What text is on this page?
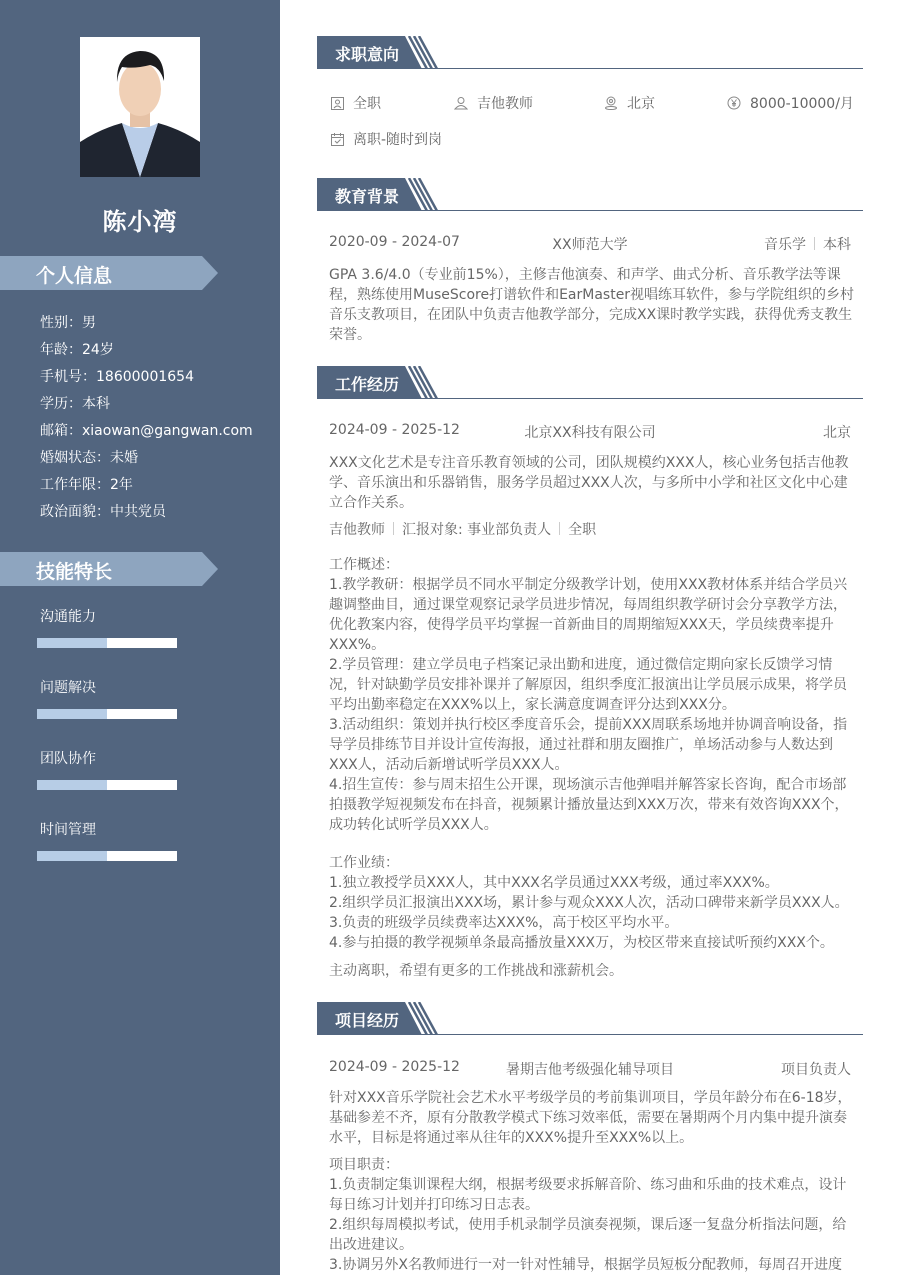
陈小湾
个人信息
性别：男
年龄：24岁
手机号：18600001654
学历：本科
邮箱：xiaowan@gangwan.com
婚姻状态：未婚
工作年限：2年
政治面貌：中共党员
技能特长
沟通能力
问题解决
团队协作
时间管理
求职意向
全职	吉他教师	北京	8000-10000/月
离职-随时到岗
教育背景
2020-09 - 2024-07	XX师范大学	音乐学 本科
GPA 3.6/4.0（专业前15%），主修吉他演奏、和声学、曲式分析、音乐教学法等课程，熟练使用MuseScore打谱软件和EarMaster视唱练耳软件，参与学院组织的乡村音乐支教项目，在团队中负责吉他教学部分，完成XX课时教学实践，获得优秀支教生荣誉。
工作经历
2024-09 - 2025-12	北京XX科技有限公司	北京
XXX文化艺术是专注音乐教育领域的公司，团队规模约XXX人，核心业务包括吉他教学、音乐演出和乐器销售，服务学员超过XXX人次，与多所中小学和社区文化中心建立合作关系。
吉他教师 汇报对象: 事业部负责人 全职
工作概述：
1.教学教研：根据学员不同水平制定分级教学计划，使用XXX教材体系并结合学员兴趣调整曲目，通过课堂观察记录学员进步情况，每周组织教学研讨会分享教学方法，优化教案内容，使得学员平均掌握一首新曲目的周期缩短XXX天，学员续费率提升XXX%。
2.学员管理：建立学员电子档案记录出勤和进度，通过微信定期向家长反馈学习情况，针对缺勤学员安排补课并了解原因，组织季度汇报演出让学员展示成果，将学员平均出勤率稳定在XXX%以上，家长满意度调查评分达到XXX分。
3.活动组织：策划并执行校区季度音乐会，提前XXX周联系场地并协调音响设备，指导学员排练节目并设计宣传海报，通过社群和朋友圈推广，单场活动参与人数达到XXX人，活动后新增试听学员XXX人。
4.招生宣传：参与周末招生公开课，现场演示吉他弹唱并解答家长咨询，配合市场部拍摄教学短视频发布在抖音，视频累计播放量达到XXX万次，带来有效咨询XXX个，成功转化试听学员XXX人。
工作业绩：
1.独立教授学员XXX人，其中XXX名学员通过XXX考级，通过率XXX%。
2.组织学员汇报演出XXX场，累计参与观众XXX人次，活动口碑带来新学员XXX人。
3.负责的班级学员续费率达XXX%，高于校区平均水平。
4.参与拍摄的教学视频单条最高播放量XXX万，为校区带来直接试听预约XXX个。
主动离职，希望有更多的工作挑战和涨薪机会。
项目经历
2024-09 - 2025-12	暑期吉他考级强化辅导项目	项目负责人
针对XXX音乐学院社会艺术水平考级学员的考前集训项目，学员年龄分布在6-18岁，基础参差不齐，原有分散教学模式下练习效率低，需要在暑期两个月内集中提升演奏水平，目标是将通过率从往年的XXX%提升至XXX%以上。
项目职责：
1.负责制定集训课程大纲，根据考级要求拆解音阶、练习曲和乐曲的技术难点，设计每日练习计划并打印练习日志表。
2.组织每周模拟考试，使用手机录制学员演奏视频，课后逐一复盘分析指法问题，给出改进建议。
3.协调另外X名教师进行一对一针对性辅导，根据学员短板分配教师，每周召开进度
